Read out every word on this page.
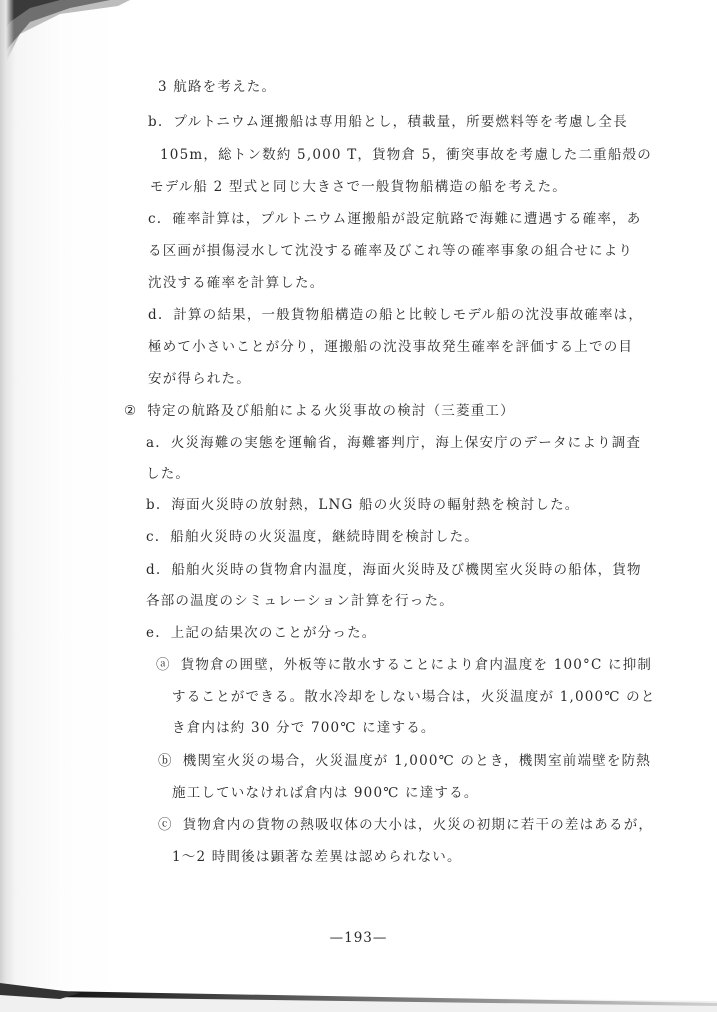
3 航路を考えた。
b. プルトニウム運搬船は専用船とし，積載量，所要燃料等を考慮し全長
105m，総トン数約 5,000 T，貨物倉 5，衝突事故を考慮した二重船殻の
モデル船 2 型式と同じ大きさで一般貨物船構造の船を考えた。
c. 確率計算は，プルトニウム運搬船が設定航路で海難に遭遇する確率，あ
る区画が損傷浸水して沈没する確率及びこれ等の確率事象の組合せにより
沈没する確率を計算した。
d. 計算の結果，一般貨物船構造の船と比較しモデル船の沈没事故確率は，
極めて小さいことが分り，運搬船の沈没事故発生確率を評価する上での目
安が得られた。
② 特定の航路及び船舶による火災事故の検討（三菱重工）
a. 火災海難の実態を運輸省，海難審判庁，海上保安庁のデータにより調査
した。
b. 海面火災時の放射熱，LNG 船の火災時の輻射熱を検討した。
c. 船舶火災時の火災温度，継続時間を検討した。
d. 船舶火災時の貨物倉内温度，海面火災時及び機関室火災時の船体，貨物
各部の温度のシミュレーション計算を行った。
e. 上記の結果次のことが分った。
ⓐ 貨物倉の囲壁，外板等に散水することにより倉内温度を 100°C に抑制
することができる。散水冷却をしない場合は，火災温度が 1,000℃ のと
き倉内は約 30 分で 700℃ に達する。
ⓑ 機関室火災の場合，火災温度が 1,000℃ のとき，機関室前端壁を防熱
施工していなければ倉内は 900℃ に達する。
ⓒ 貨物倉内の貨物の熱吸収体の大小は，火災の初期に若干の差はあるが，
1～2 時間後は顕著な差異は認められない。
—193—
